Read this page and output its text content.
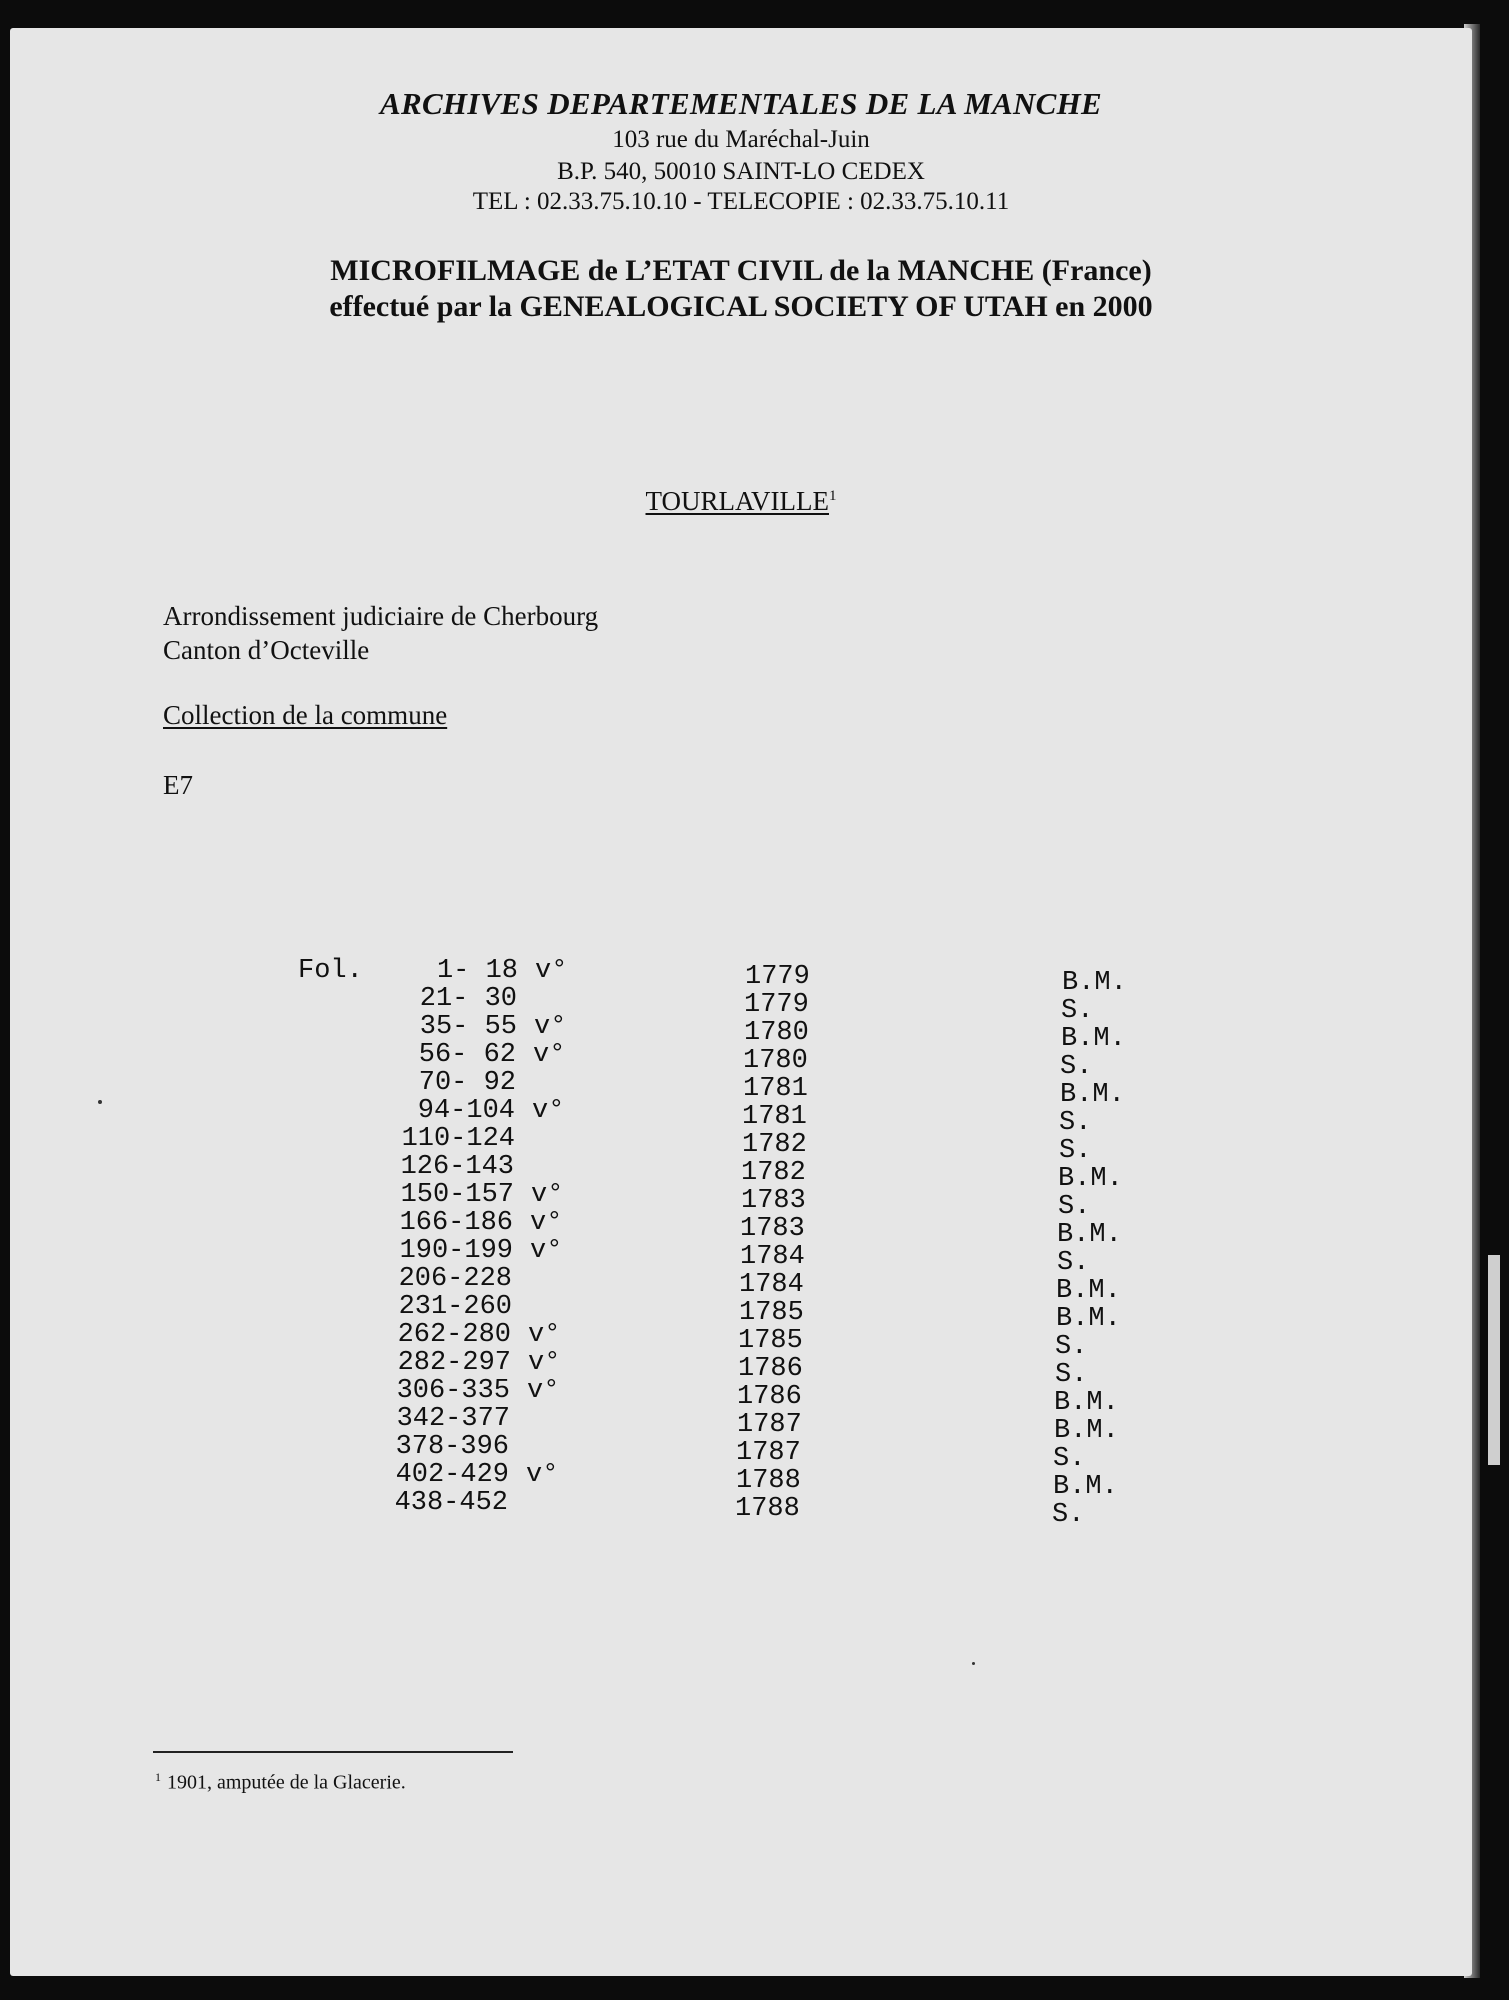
ARCHIVES DEPARTEMENTALES DE LA MANCHE
103 rue du Maréchal-Juin
B.P. 540, 50010 SAINT-LO CEDEX
TEL : 02.33.75.10.10 - TELECOPIE : 02.33.75.10.11
MICROFILMAGE de L’ETAT CIVIL de la MANCHE (France)
effectué par la GENEALOGICAL SOCIETY OF UTAH en 2000
TOURLAVILLE$^1$
Arrondissement judiciaire de Cherbourg
Canton d’Octeville
Collection de la commune
E7
Fol.	1- 18 v°	1779	B.M.
21- 30	1779	S.
35- 55 v°	1780	B.M.
56- 62 v°	1780	S.
70- 92	1781	B.M.
94-104 v°	1781	S.
110-124	1782	S.
126-143	1782	B.M.
150-157 v°	1783	S.
166-186 v°	1783	B.M.
190-199 v°	1784	S.
206-228	1784	B.M.
231-260	1785	B.M.
262-280 v°	1785	S.
282-297 v°	1786	S.
306-335 v°	1786	B.M.
342-377	1787	B.M.
378-396	1787	S.
402-429 v°	1788	B.M.
438-452	1788	S.
$^1$ 1901, amputée de la Glacerie.
